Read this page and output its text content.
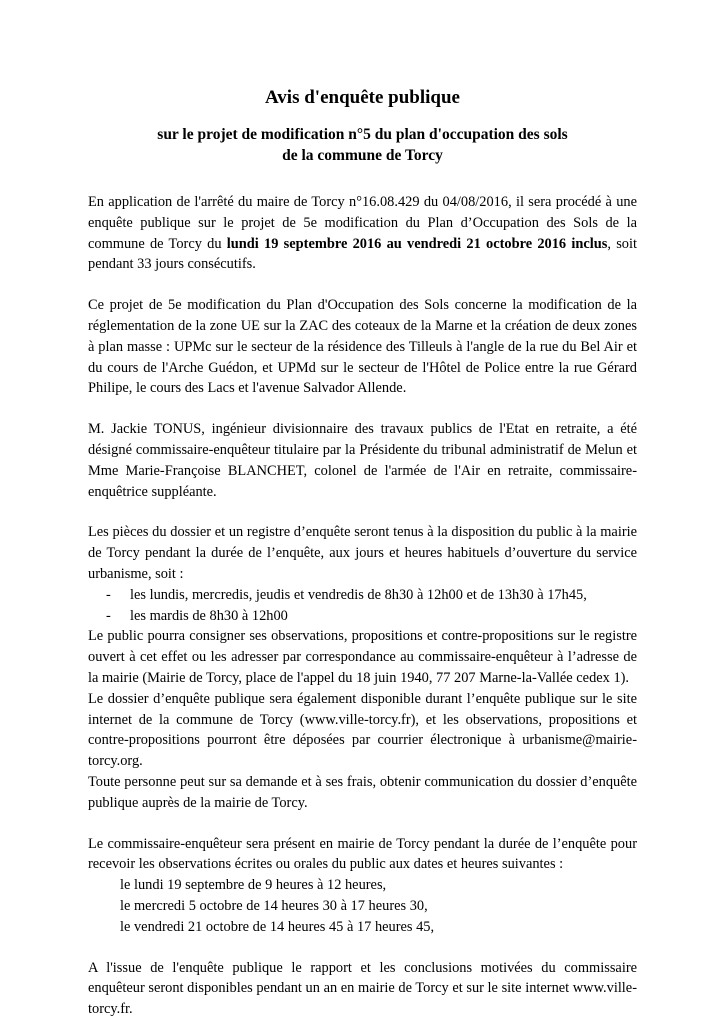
Avis d'enquête publique
sur le projet de modification n°5 du plan d'occupation des sols
de la commune de Torcy

En application de l'arrêté du maire de Torcy n°16.08.429 du 04/08/2016, il sera procédé à une enquête publique sur le projet de 5e modification du Plan d’Occupation des Sols de la commune de Torcy du lundi 19 septembre 2016 au vendredi 21 octobre 2016 inclus, soit pendant 33 jours consécutifs.

Ce projet de 5e modification du Plan d'Occupation des Sols concerne la modification de la réglementation de la zone UE sur la ZAC des coteaux de la Marne et la création de deux zones à plan masse : UPMc sur le secteur de la résidence des Tilleuls à l'angle de la rue du Bel Air et du cours de l'Arche Guédon, et UPMd sur le secteur de l'Hôtel de Police entre la rue Gérard Philipe, le cours des Lacs et l'avenue Salvador Allende.

M. Jackie TONUS, ingénieur divisionnaire des travaux publics de l'Etat en retraite, a été désigné commissaire-enquêteur titulaire par la Présidente du tribunal administratif de Melun et Mme Marie-Françoise BLANCHET, colonel de l'armée de l'Air en retraite, commissaire-enquêtrice suppléante.

Les pièces du dossier et un registre d’enquête seront tenus à la disposition du public à la mairie de Torcy pendant la durée de l’enquête, aux jours et heures habituels d’ouverture du service urbanisme, soit :

- les lundis, mercredis, jeudis et vendredis de 8h30 à 12h00 et de 13h30 à 17h45,
- les mardis de 8h30 à 12h00

Le public pourra consigner ses observations, propositions et contre-propositions sur le registre ouvert à cet effet ou les adresser par correspondance au commissaire-enquêteur à l’adresse de la mairie (Mairie de Torcy, place de l'appel du 18 juin 1940, 77 207 Marne-la-Vallée cedex 1).

Le dossier d’enquête publique sera également disponible durant l’enquête publique sur le site internet de la commune de Torcy (www.ville-torcy.fr), et les observations, propositions et contre-propositions pourront être déposées par courrier électronique à urbanisme@mairie-torcy.org.

Toute personne peut sur sa demande et à ses frais, obtenir communication du dossier d’enquête publique auprès de la mairie de Torcy.

Le commissaire-enquêteur sera présent en mairie de Torcy pendant la durée de l’enquête pour recevoir les observations écrites ou orales du public aux dates et heures suivantes :

le lundi 19 septembre de 9 heures à 12 heures,
le mercredi 5 octobre de 14 heures 30 à 17 heures 30,
le vendredi 21 octobre de 14 heures 45 à 17 heures 45,

A l'issue de l'enquête publique le rapport et les conclusions motivées du commissaire enquêteur seront disponibles pendant un an en mairie de Torcy et sur le site internet www.ville-torcy.fr.
